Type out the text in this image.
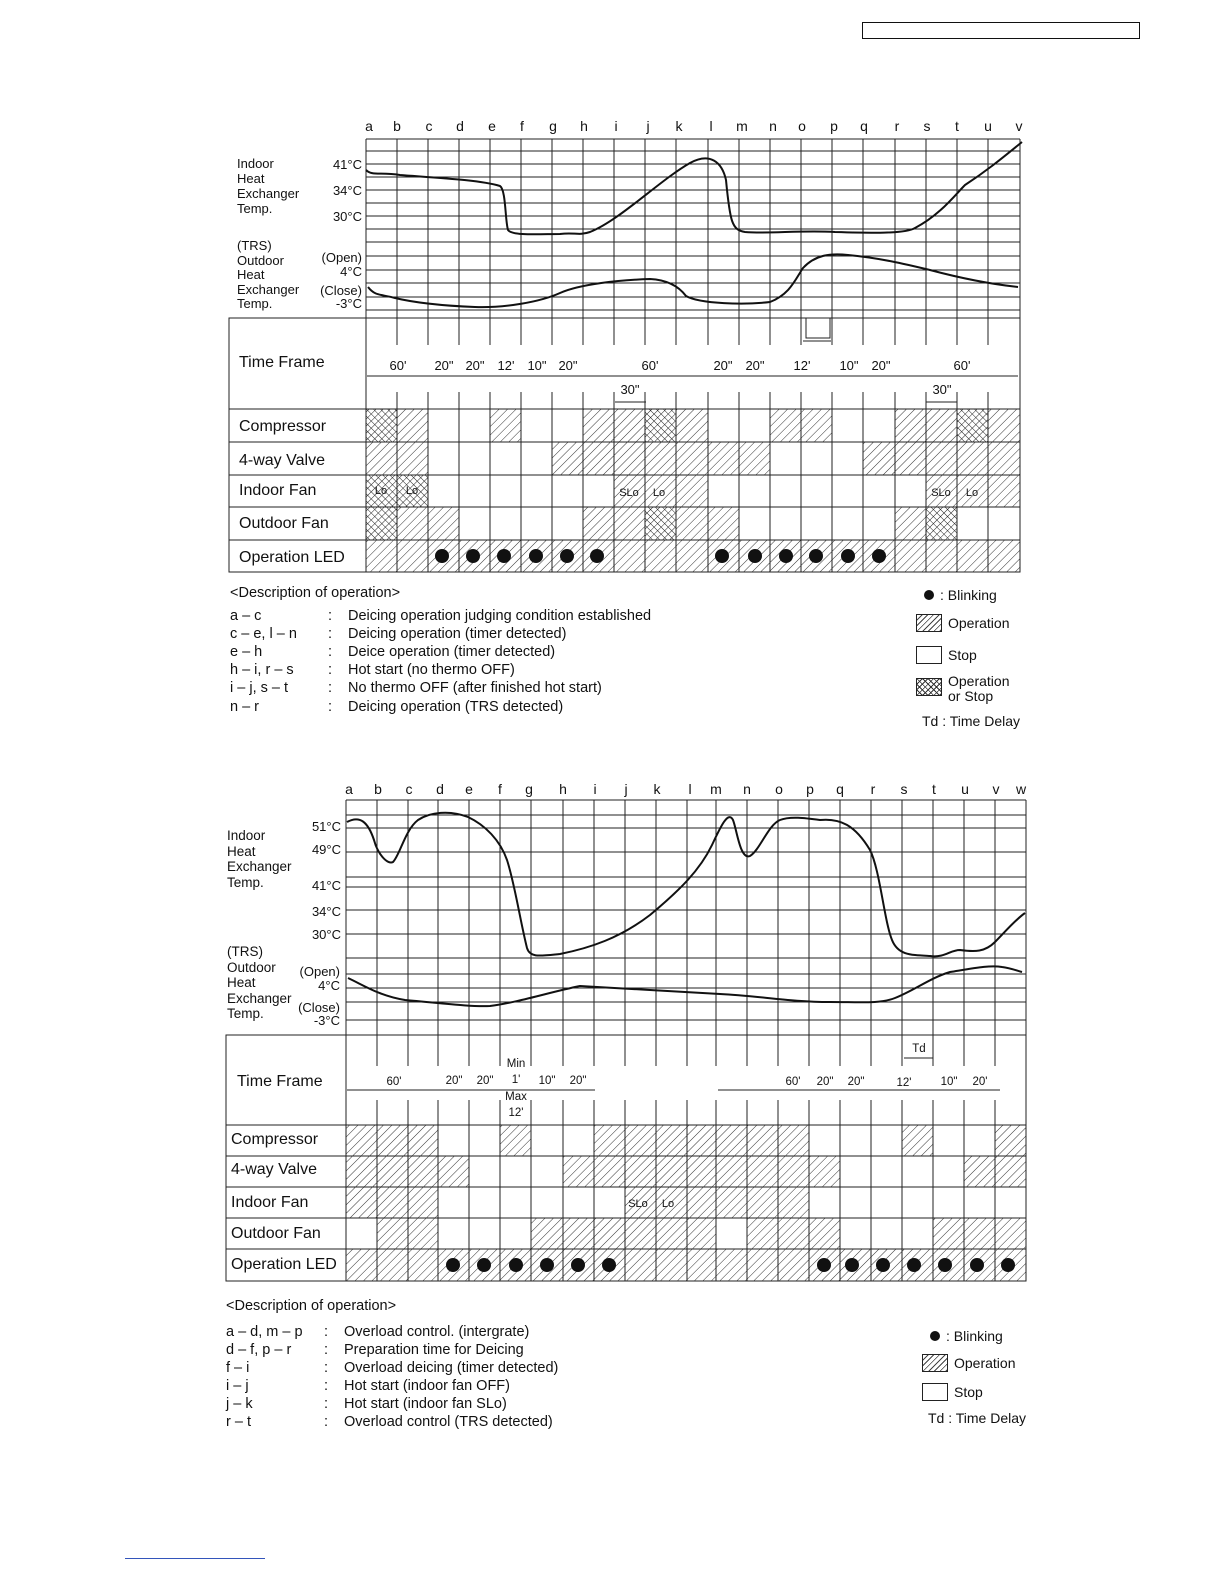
a b c d e f g h i j k l m n o p q r s t u v
Indoor
Heat
Exchanger
Temp.
41°C
34°C
30°C
(TRS)
Outdoor
Heat
Exchanger
Temp.
(Open)
4°C
(Close)
-3°C
Time Frame
Compressor
4-way Valve
Indoor Fan
Outdoor Fan
Operation LED
60' 20" 20" 12' 10" 20"	60'	20" 20" 12' 10" 20"	60'
30"	30"
Lo Lo	SLo Lo	SLo Lo
<Description of operation>
a – c	: Deicing operation judging condition established
c – e, l – n : Deicing operation (timer detected)
e – h	: Deice operation (timer detected)
h – i, r – s : Hot start (no thermo OFF)
i – j, s – t	: No thermo OFF (after finished hot start)
n – r	: Deicing operation (TRS detected)
: Blinking
Operation
Stop
Operation
or Stop
Td : Time Delay
a b c d e f g h i j k l m n o p q r s t u v w
Indoor
Heat
Exchanger
Temp.
51°C
49°C
41°C
34°C
30°C
(TRS)
Outdoor
Heat
Exchanger
Temp.
(Open)
4°C
(Close)
-3°C
Time Frame
Compressor
4-way Valve
Indoor Fan
Outdoor Fan
Operation LED
60'	20" 20"
Min
1'
Max
12'
10" 20"	60' 20" 20"	12'	10" 20'
Td
SLo Lo
<Description of operation>
a – d, m – p : Overload control. (intergrate)
d – f, p – r : Preparation time for Deicing
f – i	: Overload deicing (timer detected)
i – j	: Hot start (indoor fan OFF)
j – k	: Hot start (indoor fan SLo)
r – t	: Overload control (TRS detected)
: Blinking
Operation
Stop
Td : Time Delay
